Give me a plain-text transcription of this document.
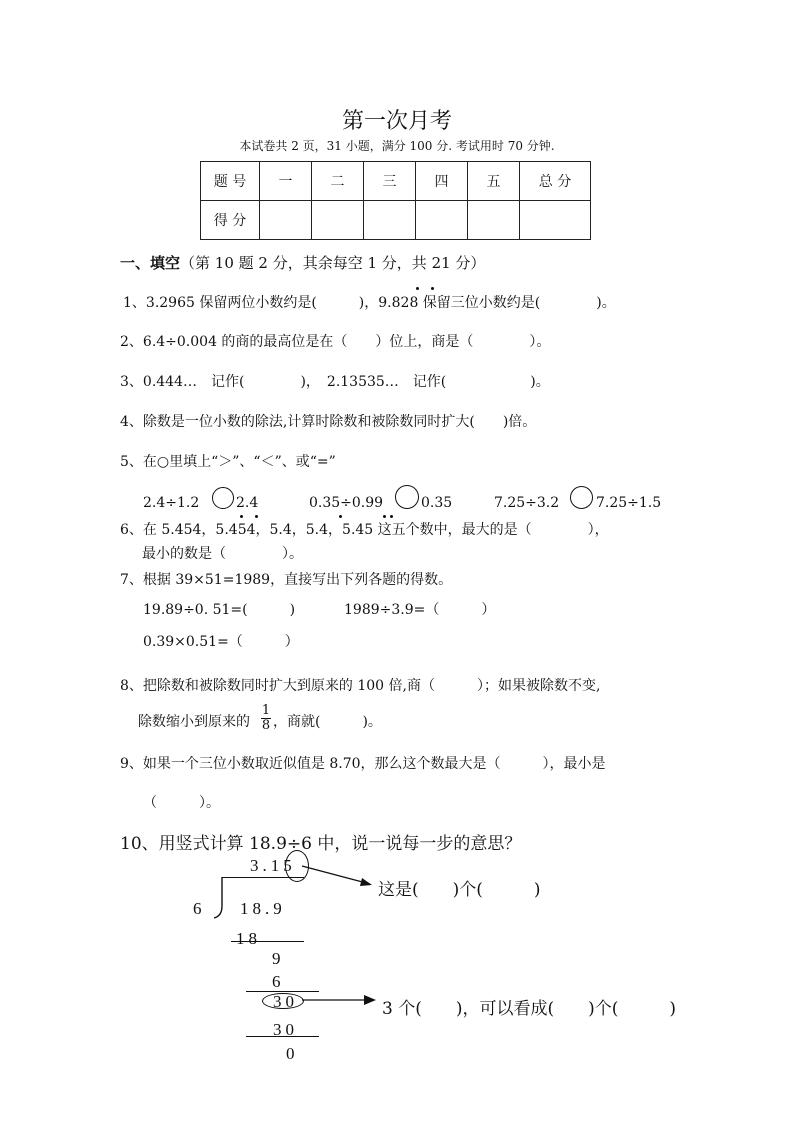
第一次月考
本试卷共 2 页，31 小题，满分 100 分. 考试用时 70 分钟.
题 号	一	二	三	四	五	总 分
得 分						
一、填空（第 10 题 2 分，其余每空 1 分，共 21 分）
1、3.2965 保留两位小数约是(　　　)，9.828 保留三位小数约是(　　　　)。
2、6.4÷0.004 的商的最高位是在（　　）位上，商是（　　　　）。
3、0.444…　记作(　　　　)，　2.13535…　记作(　　　　　　)。
4、除数是一位小数的除法,计算时除数和被除数同时扩大(　　)倍。
5、在○里填上“＞”、“＜”、或“=”
2.4÷1.2	2.4	0.35÷0.99	0.35	7.25÷3.2	7.25÷1.5
6、在 5.454，5.454，5.4，5.4，5.45 这五个数中，最大的是（　　　　），
最小的数是（　　　　）。
7、根据 39×51=1989，直接写出下列各题的得数。
19.89÷0. 51=(　　　)	1989÷3.9=（　　　）
0.39×0.51=（　　　）
8、把除数和被除数同时扩大到原来的 100 倍,商（　　　）；如果被除数不变,
除数缩小到原来的
1
8 ，商就(　　　)。
9、如果一个三位小数取近似值是 8.70，那么这个数最大是（　　　），最小是
（　　　）。
10、用竖式计算 18.9÷6 中，说一说每一步的意思？
3.15
6 18.9
18
9
6
30
30
0
这是(　　)个(　　　)
3 个(　　)，可以看成(　　)个(　　　)
